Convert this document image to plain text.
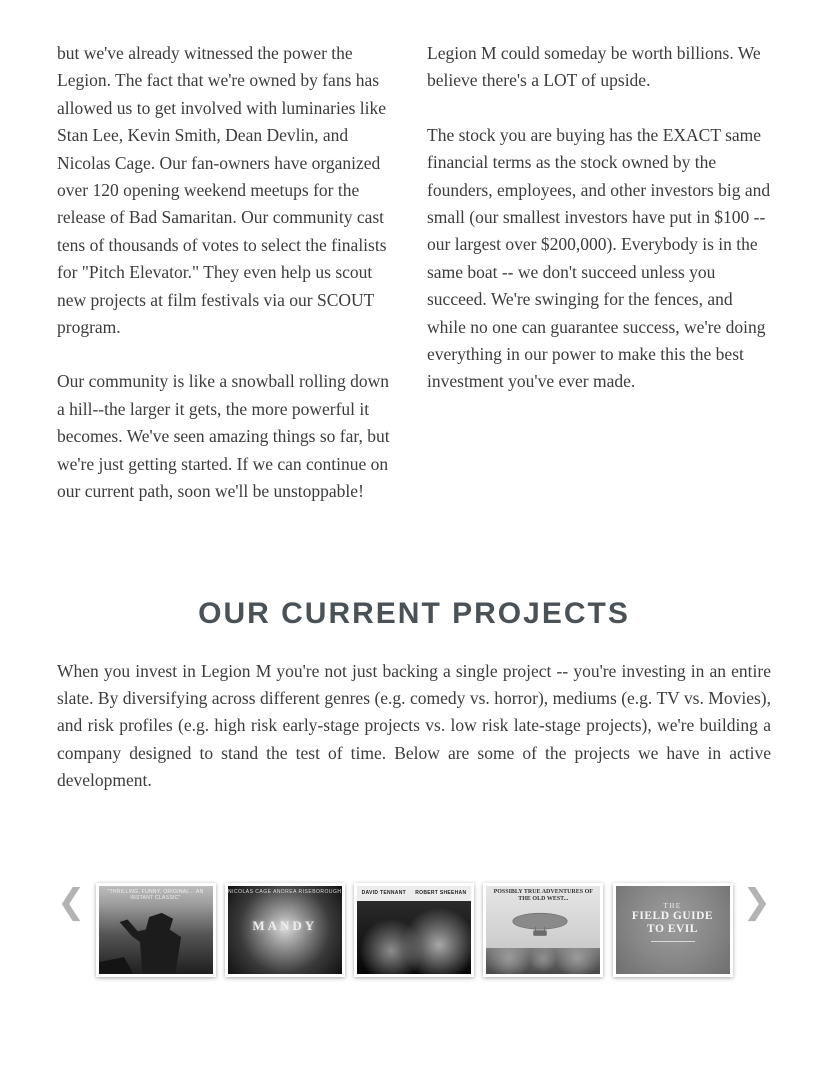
but we've already witnessed the power the Legion. The fact that we're owned by fans has allowed us to get involved with luminaries like Stan Lee, Kevin Smith, Dean Devlin, and Nicolas Cage. Our fan-owners have organized over 120 opening weekend meetups for the release of Bad Samaritan. Our community cast tens of thousands of votes to select the finalists for "Pitch Elevator." They even help us scout new projects at film festivals via our SCOUT program.

Our community is like a snowball rolling down a hill--the larger it gets, the more powerful it becomes. We've seen amazing things so far, but we're just getting started. If we can continue on our current path, soon we'll be unstoppable!

Legion M could someday be worth billions. We believe there's a LOT of upside.

The stock you are buying has the EXACT same financial terms as the stock owned by the founders, employees, and other investors big and small (our smallest investors have put in $100 -- our largest over $200,000). Everybody is in the same boat -- we don't succeed unless you succeed. We're swinging for the fences, and while no one can guarantee success, we're doing everything in our power to make this the best investment you've ever made.

OUR CURRENT PROJECTS

When you invest in Legion M you're not just backing a single project -- you're investing in an entire slate. By diversifying across different genres (e.g. comedy vs. horror), mediums (e.g. TV vs. Movies), and risk profiles (e.g. high risk early-stage projects vs. low risk late-stage projects), we're building a company designed to stand the test of time. Below are some of the projects we have in active development.

❮	"THRILLING, FUNNY, ORIGINAL... AN INSTANT CLASSIC"
NICOLAS CAGE ANDREA RISEBOROUGH
MANDY
DAVID TENNANT ROBERT SHEEHAN	POSSIBLY TRUE ADVENTURES OF THE OLD WEST...
THE
FIELD GUIDE
TO EVIL
❯
